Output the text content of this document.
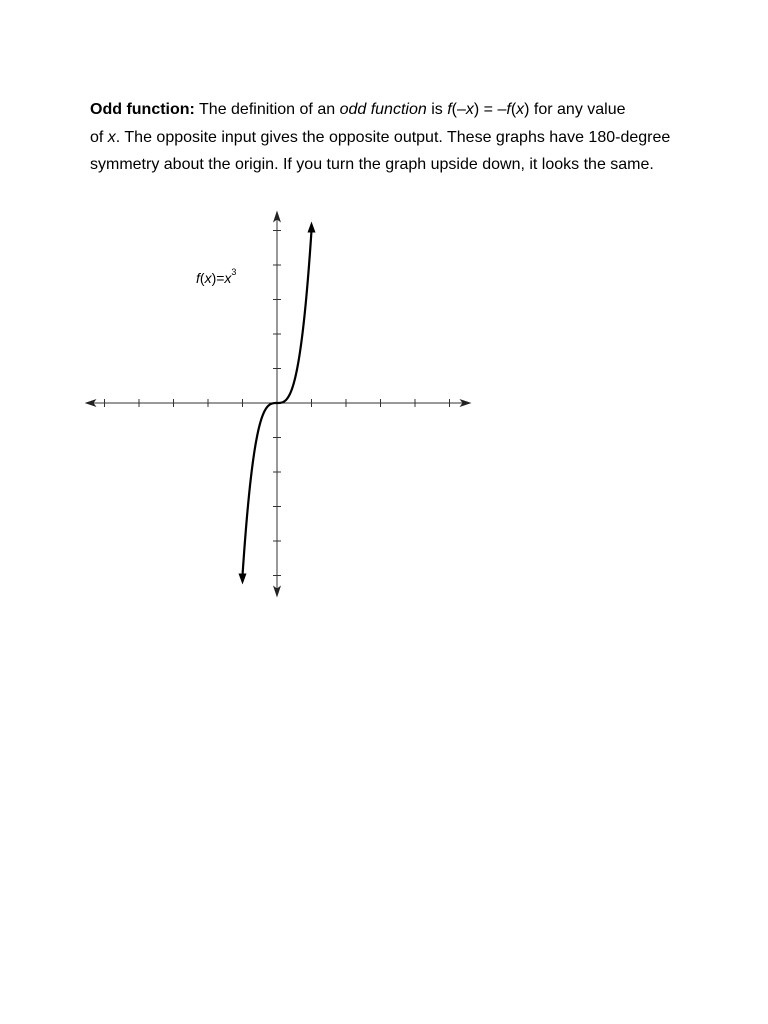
Odd function: The definition of an odd function is f(–x) = –f(x) for any value
of x. The opposite input gives the opposite output. These graphs have 180-degree symmetry about the origin. If you turn the graph upside down, it looks the same.

$f(x)=x^3$
